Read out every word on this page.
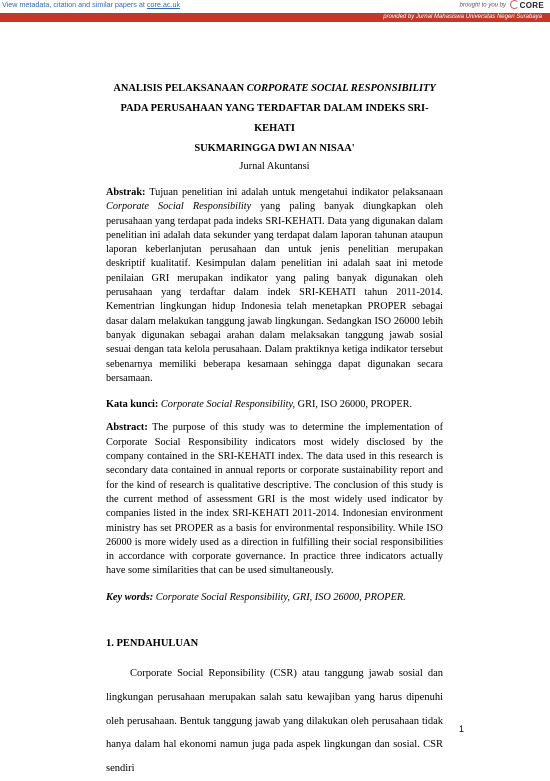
View metadata, citation and similar papers at core.ac.uk	brought to you by CORE
provided by Jurnal Mahasiswa Universitas Negeri Surabaya

ANALISIS PELAKSANAAN CORPORATE SOCIAL RESPONSIBILITY

PADA PERUSAHAAN YANG TERDAFTAR DALAM INDEKS SRI-

KEHATI

SUKMARINGGA DWI AN NISAA'

Jurnal Akuntansi

Abstrak: Tujuan penelitian ini adalah untuk mengetahui indikator pelaksanaan Corporate Social Responsibility yang paling banyak diungkapkan oleh perusahaan yang terdapat pada indeks SRI-KEHATI. Data yang digunakan dalam penelitian ini adalah data sekunder yang terdapat dalam laporan tahunan ataupun laporan keberlanjutan perusahaan dan untuk jenis penelitian merupakan deskriptif kualitatif. Kesimpulan dalam penelitian ini adalah saat ini metode penilaian GRI merupakan indikator yang paling banyak digunakan oleh perusahaan yang terdaftar dalam indek SRI-KEHATI tahun 2011-2014. Kementrian lingkungan hidup Indonesia telah menetapkan PROPER sebagai dasar dalam melakukan tanggung jawab lingkungan. Sedangkan ISO 26000 lebih banyak digunakan sebagai arahan dalam melaksakan tanggung jawab sosial sesuai dengan tata kelola perusahaan. Dalam praktiknya ketiga indikator tersebut sebenarnya memiliki beberapa kesamaan sehingga dapat digunakan secara bersamaan.

Kata kunci: Corporate Social Responsibility, GRI, ISO 26000, PROPER.

Abstract: The purpose of this study was to determine the implementation of Corporate Social Responsibility indicators most widely disclosed by the company contained in the SRI-KEHATI index. The data used in this research is secondary data contained in annual reports or corporate sustainability report and for the kind of research is qualitative descriptive. The conclusion of this study is the current method of assessment GRI is the most widely used indicator by companies listed in the index SRI-KEHATI 2011-2014. Indonesian environment ministry has set PROPER as a basis for environmental responsibility. While ISO 26000 is more widely used as a direction in fulfilling their social responsibilities in accordance with corporate governance. In practice three indicators actually have some similarities that can be used simultaneously.

Key words: Corporate Social Responsibility, GRI, ISO 26000, PROPER.

1. PENDAHULUAN

Corporate Social Reponsibility (CSR) atau tanggung jawab sosial dan lingkungan perusahaan merupakan salah satu kewajiban yang harus dipenuhi oleh perusahaan. Bentuk tanggung jawab yang dilakukan oleh perusahaan tidak hanya dalam hal ekonomi namun juga pada aspek lingkungan dan sosial. CSR sendiri

1
